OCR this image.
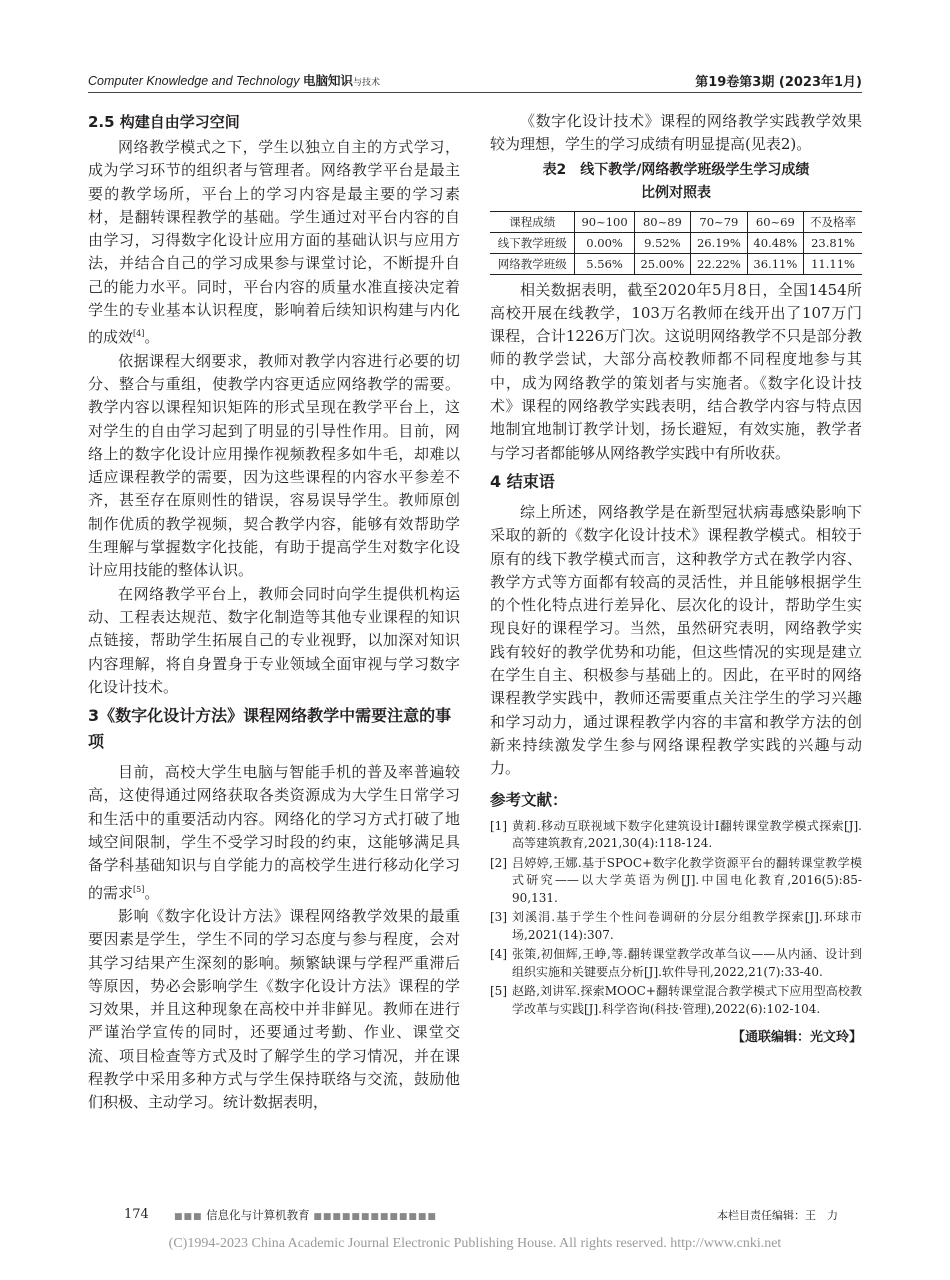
Computer Knowledge and Technology 电脑知识与技术	第19卷第3期 (2023年1月)
2.5 构建自由学习空间

网络教学模式之下，学生以独立自主的方式学习，成为学习环节的组织者与管理者。网络教学平台是最主要的教学场所，平台上的学习内容是最主要的学习素材，是翻转课程教学的基础。学生通过对平台内容的自由学习，习得数字化设计应用方面的基础认识与应用方法，并结合自己的学习成果参与课堂讨论，不断提升自己的能力水平。同时，平台内容的质量水准直接决定着学生的专业基本认识程度，影响着后续知识构建与内化的成效[4]。

依据课程大纲要求，教师对教学内容进行必要的切分、整合与重组，使教学内容更适应网络教学的需要。教学内容以课程知识矩阵的形式呈现在教学平台上，这对学生的自由学习起到了明显的引导性作用。目前，网络上的数字化设计应用操作视频教程多如牛毛，却难以适应课程教学的需要，因为这些课程的内容水平参差不齐，甚至存在原则性的错误，容易误导学生。教师原创制作优质的教学视频，契合教学内容，能够有效帮助学生理解与掌握数字化技能，有助于提高学生对数字化设计应用技能的整体认识。

在网络教学平台上，教师会同时向学生提供机构运动、工程表达规范、数字化制造等其他专业课程的知识点链接，帮助学生拓展自己的专业视野，以加深对知识内容理解，将自身置身于专业领域全面审视与学习数字化设计技术。

3《数字化设计方法》课程网络教学中需要注意的事项

目前，高校大学生电脑与智能手机的普及率普遍较高，这使得通过网络获取各类资源成为大学生日常学习和生活中的重要活动内容。网络化的学习方式打破了地域空间限制，学生不受学习时段的约束，这能够满足具备学科基础知识与自学能力的高校学生进行移动化学习的需求[5]。

影响《数字化设计方法》课程网络教学效果的最重要因素是学生，学生不同的学习态度与参与程度，会对其学习结果产生深刻的影响。频繁缺课与学程严重滞后等原因，势必会影响学生《数字化设计方法》课程的学习效果，并且这种现象在高校中并非鲜见。教师在进行严谨治学宣传的同时，还要通过考勤、作业、课堂交流、项目检查等方式及时了解学生的学习情况，并在课程教学中采用多种方式与学生保持联络与交流，鼓励他们积极、主动学习。统计数据表明，

《数字化设计技术》课程的网络教学实践教学效果较为理想，学生的学习成绩有明显提高(见表2)。

表2　线下教学/网络教学班级学生学习成绩
比例对照表
课程成绩	90~100	80~89	70~79	60~69	不及格率
线下教学班级	0.00%	9.52%	26.19%	40.48%	23.81%
网络教学班级	5.56%	25.00%	22.22%	36.11%	11.11%

相关数据表明，截至2020年5月8日，全国1454所高校开展在线教学，103万名教师在线开出了107万门课程，合计1226万门次。这说明网络教学不只是部分教师的教学尝试，大部分高校教师都不同程度地参与其中，成为网络教学的策划者与实施者。《数字化设计技术》课程的网络教学实践表明，结合教学内容与特点因地制宜地制订教学计划，扬长避短，有效实施，教学者与学习者都能够从网络教学实践中有所收获。

4 结束语

综上所述，网络教学是在新型冠状病毒感染影响下采取的新的《数字化设计技术》课程教学模式。相较于原有的线下教学模式而言，这种教学方式在教学内容、教学方式等方面都有较高的灵活性，并且能够根据学生的个性化特点进行差异化、层次化的设计，帮助学生实现良好的课程学习。当然，虽然研究表明，网络教学实践有较好的教学优势和功能，但这些情况的实现是建立在学生自主、积极参与基础上的。因此，在平时的网络课程教学实践中，教师还需要重点关注学生的学习兴趣和学习动力，通过课程教学内容的丰富和教学方法的创新来持续激发学生参与网络课程教学实践的兴趣与动力。

参考文献：
[1] 黄莉.移动互联视域下数字化建筑设计Ⅰ翻转课堂教学模式探索[J].高等建筑教育,2021,30(4):118-124.
[2] 吕婷婷,王娜.基于SPOC+数字化教学资源平台的翻转课堂教学模式研究——以大学英语为例[J].中国电化教育,2016(5):85-90,131.
[3] 刘溪涓.基于学生个性问卷调研的分层分组教学探索[J].环球市场,2021(14):307.
[4] 张策,初佃辉,王峥,等.翻转课堂教学改革刍议——从内涵、设计到组织实施和关键要点分析[J].软件导刊,2022,21(7):33-40.
[5] 赵路,刘讲军.探索MOOC+翻转课堂混合教学模式下应用型高校教学改革与实践[J].科学咨询(科技·管理),2022(6):102-104.
【通联编辑：光文玲】
174	■■■ 信息化与计算机教育 ■■■■■■■■■■■■■	本栏目责任编辑：王　力
(C)1994-2023 China Academic Journal Electronic Publishing House. All rights reserved. http://www.cnki.net
